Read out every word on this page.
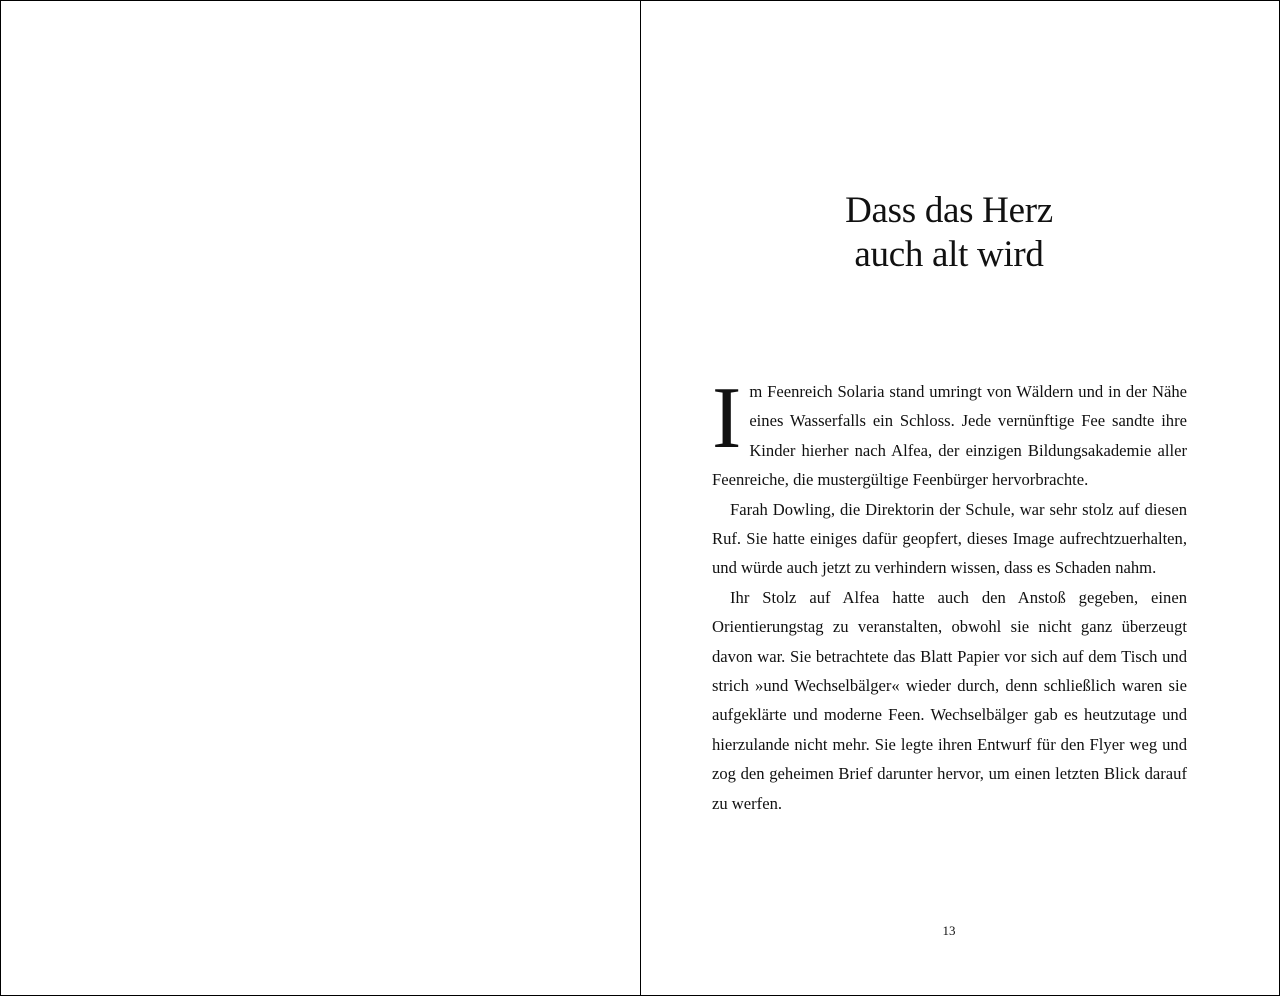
Dass das Herz
auch alt wird

Im Feenreich Solaria stand umringt von Wäldern und in der Nähe eines Wasserfalls ein Schloss. Jede vernünftige Fee sandte ihre Kinder hierher nach Alfea, der einzigen Bildungsakademie aller Feenreiche, die mustergültige Feenbürger hervorbrachte.

Farah Dowling, die Direktorin der Schule, war sehr stolz auf diesen Ruf. Sie hatte einiges dafür geopfert, dieses Image aufrechtzuerhalten, und würde auch jetzt zu verhindern wissen, dass es Schaden nahm.

Ihr Stolz auf Alfea hatte auch den Anstoß gegeben, einen Orientierungstag zu veranstalten, obwohl sie nicht ganz überzeugt davon war. Sie betrachtete das Blatt Papier vor sich auf dem Tisch und strich »und Wechselbälger« wieder durch, denn schließlich waren sie aufgeklärte und moderne Feen. Wechselbälger gab es heutzutage und hierzulande nicht mehr. Sie legte ihren Entwurf für den Flyer weg und zog den geheimen Brief darunter hervor, um einen letzten Blick darauf zu werfen.

13
